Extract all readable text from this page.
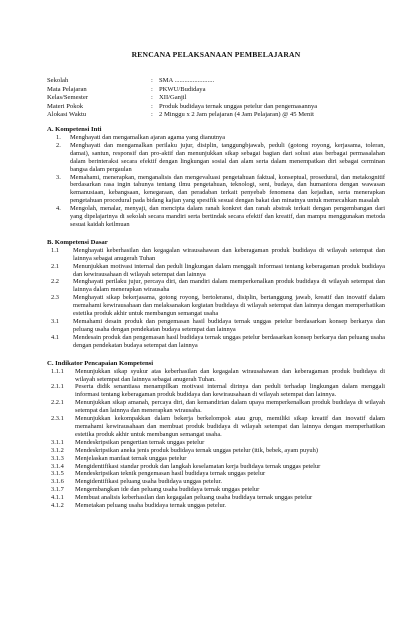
RENCANA PELAKSANAAN PEMBELAJARAN
Sekolah	: SMA ........................
Mata Pelajaran	: PKWU/Budidaya
Kelas/Semester	: XII/Ganjil
Materi Pokok	: Produk budidaya ternak unggas petelur dan pengemasannya
Alokasi Waktu	: 2 Minggu x 2 Jam pelajaran (4 Jam Pelajaran) @ 45 Menit
A. Kompetensi Inti
1.	Menghayati dan mengamalkan ajaran agama yang dianutnya
2.	Menghayati dan mengamalkan perilaku jujur, disiplin, tanggungbjawab, peduli (gotong royong, kerjasama, toleran, damai), santun, responsif dan pro-aktif dan menunjukkan sikap sebagai bagian dari solusi atas berbagai permasalahan dalam berinteraksi secara efektif dengan lingkungan sosial dan alam serta dalam menempatkan diri sebagai cerminan bangsa dalam pergaulan
3.	Memahami, menerapkan, menganalisis dan mengevaluasi pengetahuan faktual, konseptual, prosedural, dan metakognitif berdasarkan rasa ingin tahunya tentang ilmu pengetahuan, teknologi, seni, budaya, dan humaniora dengan wawasan kemanusiaan, kebangsaan, kenegaraan, dan peradaban terkait penyebab fenomena dan kejadian, serta menerapkan pengetahuan procedural pada bidang kajian yang spesifik sesuai dengan bakat dan minatnya untuk memecahkan masalah
4.	Mengolah, menalar, menyaji, dan mencipta dalam ranah konkret dan ranah abstrak terkait dengan pengembangan dari yang dipelajarinya di sekolah secara mandiri serta bertindak secara efektif dan kreatif, dan mampu menggunakan metoda sesuai kaidah keilmuan
B. Kompetensi Dasar
1.1	Menghayati keberhasilan dan kegagalan wirausahawan dan keberagaman produk budidaya di wilayah setempat dan lainnya sebagai anugerah Tuhan
2.1	Menunjukkan motivasi internal dan peduli lingkungan dalam menggali informasi tentang keberagaman produk budidaya dan kewirausahaan di wilayah setempat dan lainnya
2.2	Menghayati perilaku jujur, percaya diri, dan mandiri dalam memperkenalkan produk budidaya di wilayah setempat dan lainnya dalam menerapkan wirausaha
2.3	Menghayati sikap bekerjasama, gotong royong, bertoleransi, disiplin, bertanggung jawab, kreatif dan inovatif dalam memahami kewirausahaan dan melaksanakan kegiatan budidaya di wilayah setempat dan lainnya dengan memperhatikan estetika produk akhir untuk membangun semangat usaha
3.1	Memahami desain produk dan pengemasan hasil budidaya ternak unggas petelur berdasarkan konsep berkarya dan peluang usaha dengan pendekatan budaya setempat dan lainnya
4.1	Mendesain produk dan pengemasan hasil budidaya ternak unggas petelur berdasarkan konsep berkarya dan peluang usaha dengan pendekatan budaya setempat dan lainnya
C. Indikator Pencapaian Kompetensi
1.1.1	Menunjukkan sikap syukur atas keberhasilan dan kegagalan wirausahawan dan keberagaman produk budidaya di wilayah setempat dan lainnya sebagai anugerah Tuhan.
2.1.1	Peserta didik senantiasa menampilkan motivasi internal dirinya dan peduli terhadap lingkungan dalam menggali informasi tentang keberagaman produk budidaya dan kewirausahaan di wilayah setempat dan lainnya.
2.2.1	Menunjukkan sikap amanah, percaya diri, dan kemandirian dalam upaya memperkenalkan produk budidaya di wilayah setempat dan lainnya dan menerapkan wirausaha.
2.3.1	Menunjukkan kekompakkan dalam bekerja berkelompok atau grup, memiliki sikap kreatif dan inovatif dalam memahami kewirausahaan dan membuat produk budidaya di wilayah setempat dan lainnya dengan memperhatikan estetika produk akhir untuk membangun semangat usaha.
3.1.1	Mendeskripsikan pengertian ternak unggas petelur
3.1.2	Mendeskripsikan aneka jenis produk budidaya ternak unggas petelur (itik, bebek, ayam puyuh)
3.1.3	Menjelaskan manfaat ternak unggas petelur
3.1.4	Mengidentifikasi standar produk dan langkah keselamatan kerja budidaya ternak unggas petelur
3.1.5	Mendeskripsikan teknik pengemasan hasil budidaya ternak unggas petelur
3.1.6	Mengidentifikasi peluang usaha budidaya unggas petelur.
3.1.7	Mengembangkan ide dan peluang usaha budidaya ternak unggas petelur
4.1.1	Membuat analisis keberhasilan dan kegagalan peluang usaha budidaya ternak unggas petelur
4.1.2	Memetakan peluang usaha budidaya ternak unggas petelur.
